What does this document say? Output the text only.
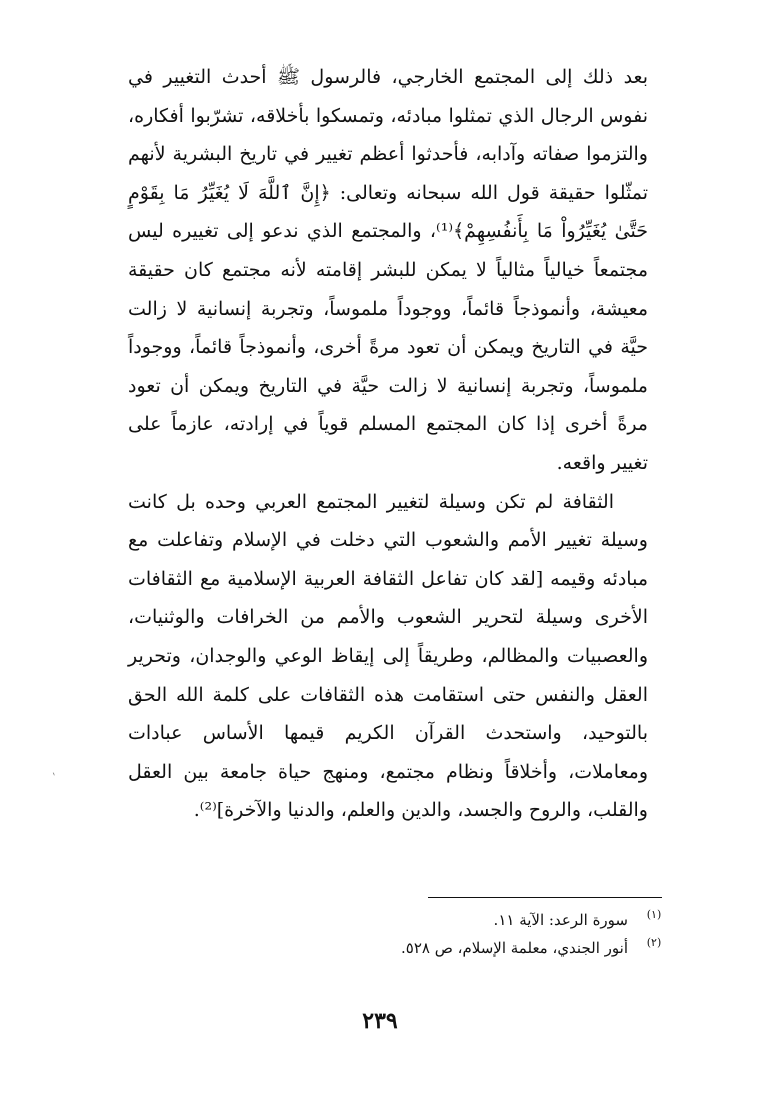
بعد ذلك إلى المجتمع الخارجي، فالرسول ﷺ أحدث التغيير في نفوس الرجال الذي تمثلوا مبادئه، وتمسكوا بأخلاقه، تشرّبوا أفكاره، والتزموا صفاته وآدابه، فأحدثوا أعظم تغيير في تاريخ البشرية لأنهم تمثّلوا حقيقة قول الله سبحانه وتعالى: ﴿إِنَّ ٱللَّهَ لَا يُغَيِّرُ مَا بِقَوْمٍ حَتَّىٰ يُغَيِّرُواْ مَا بِأَنفُسِهِمْ﴾⁽¹⁾، والمجتمع الذي ندعو إلى تغييره ليس مجتمعاً خيالياً مثالياً لا يمكن للبشر إقامته لأنه مجتمع كان حقيقة معيشة، وأنموذجاً قائماً، ووجوداً ملموساً، وتجربة إنسانية لا زالت حيَّة في التاريخ ويمكن أن تعود مرةً أخرى، وأنموذجاً قائماً، ووجوداً ملموساً، وتجربة إنسانية لا زالت حيَّة في التاريخ ويمكن أن تعود مرةً أخرى إذا كان المجتمع المسلم قوياً في إرادته، عازماً على تغيير واقعه.

الثقافة لم تكن وسيلة لتغيير المجتمع العربي وحده بل كانت وسيلة تغيير الأمم والشعوب التي دخلت في الإسلام وتفاعلت مع مبادئه وقيمه [لقد كان تفاعل الثقافة العربية الإسلامية مع الثقافات الأخرى وسيلة لتحرير الشعوب والأمم من الخرافات والوثنيات، والعصبيات والمظالم، وطريقاً إلى إيقاظ الوعي والوجدان، وتحرير العقل والنفس حتى استقامت هذه الثقافات على كلمة الله الحق بالتوحيد، واستحدث القرآن الكريم قيمها الأساس عبادات ومعاملات، وأخلاقاً ونظام مجتمع، ومنهج حياة جامعة بين العقل والقلب، والروح والجسد، والدين والعلم، والدنيا والآخرة]⁽²⁾.

(١)
سورة الرعد: الآية ١١.
(٢)
أنور الجندي، معلمة الإسلام، ص ٥٢٨.
٢٣٩
ˋ
